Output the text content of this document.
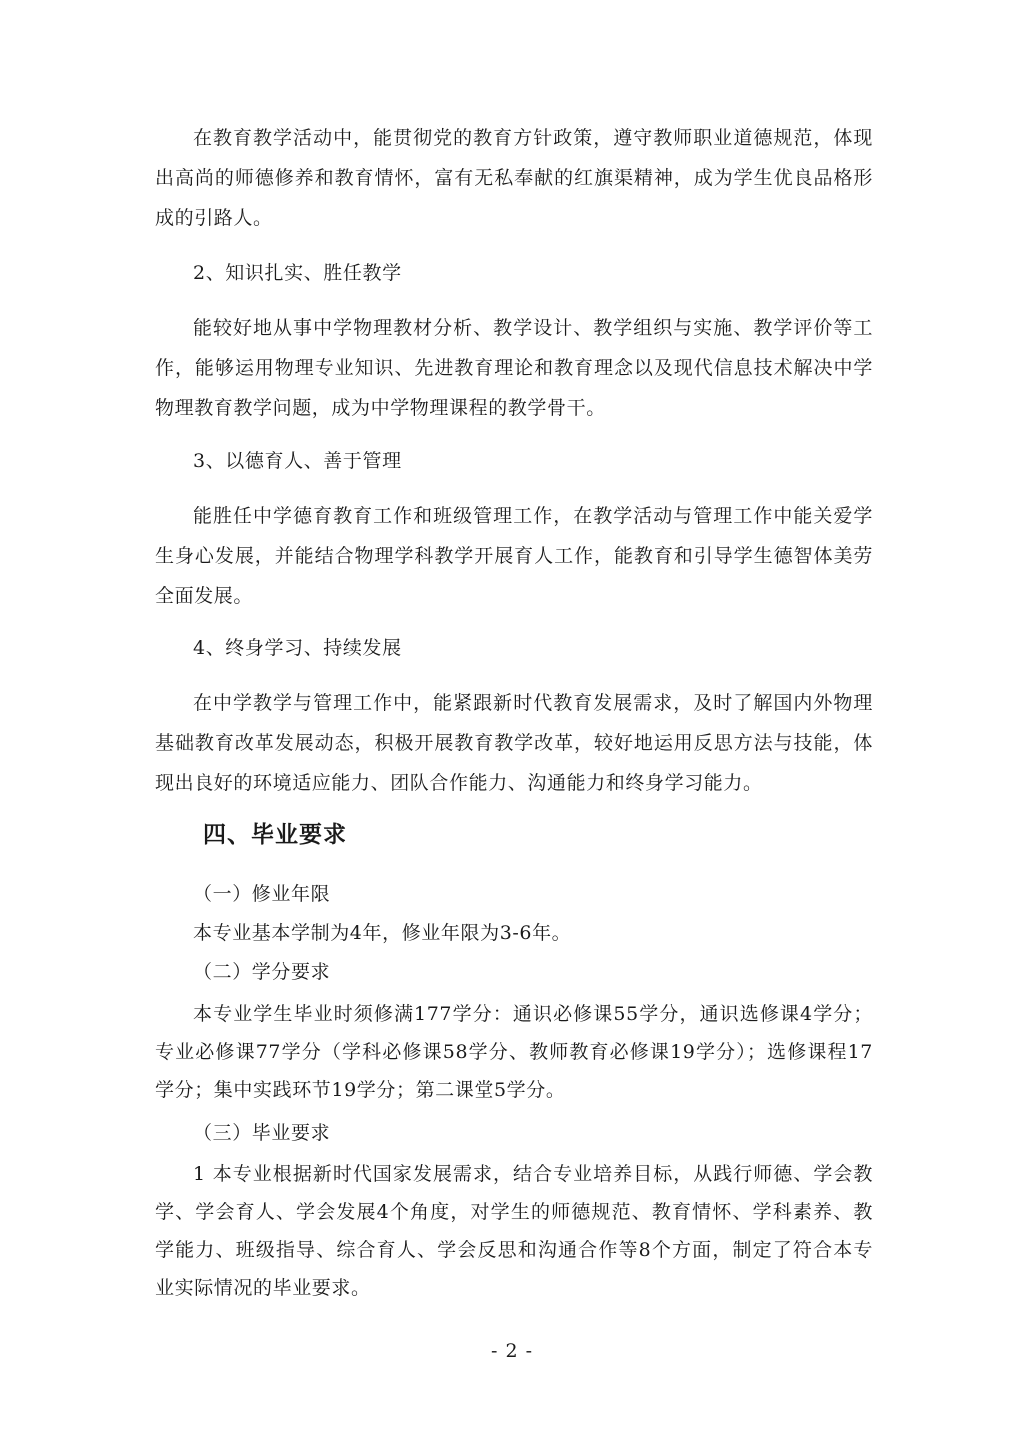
在教育教学活动中，能贯彻党的教育方针政策，遵守教师职业道德规范，体现出高尚的师德修养和教育情怀，富有无私奉献的红旗渠精神，成为学生优良品格形成的引路人。

2、知识扎实、胜任教学

能较好地从事中学物理教材分析、教学设计、教学组织与实施、教学评价等工作，能够运用物理专业知识、先进教育理论和教育理念以及现代信息技术解决中学物理教育教学问题，成为中学物理课程的教学骨干。

3、以德育人、善于管理

能胜任中学德育教育工作和班级管理工作，在教学活动与管理工作中能关爱学生身心发展，并能结合物理学科教学开展育人工作，能教育和引导学生德智体美劳全面发展。

4、终身学习、持续发展

在中学教学与管理工作中，能紧跟新时代教育发展需求，及时了解国内外物理基础教育改革发展动态，积极开展教育教学改革，较好地运用反思方法与技能，体现出良好的环境适应能力、团队合作能力、沟通能力和终身学习能力。

四、毕业要求

（一）修业年限

本专业基本学制为4年，修业年限为3-6年。

（二）学分要求

本专业学生毕业时须修满177学分：通识必修课55学分，通识选修课4学分；专业必修课77学分（学科必修课58学分、教师教育必修课19学分）；选修课程17学分；集中实践环节19学分；第二课堂5学分。

（三）毕业要求

1 本专业根据新时代国家发展需求，结合专业培养目标，从践行师德、学会教学、学会育人、学会发展4个角度，对学生的师德规范、教育情怀、学科素养、教学能力、班级指导、综合育人、学会反思和沟通合作等8个方面，制定了符合本专业实际情况的毕业要求。

- 2 -
